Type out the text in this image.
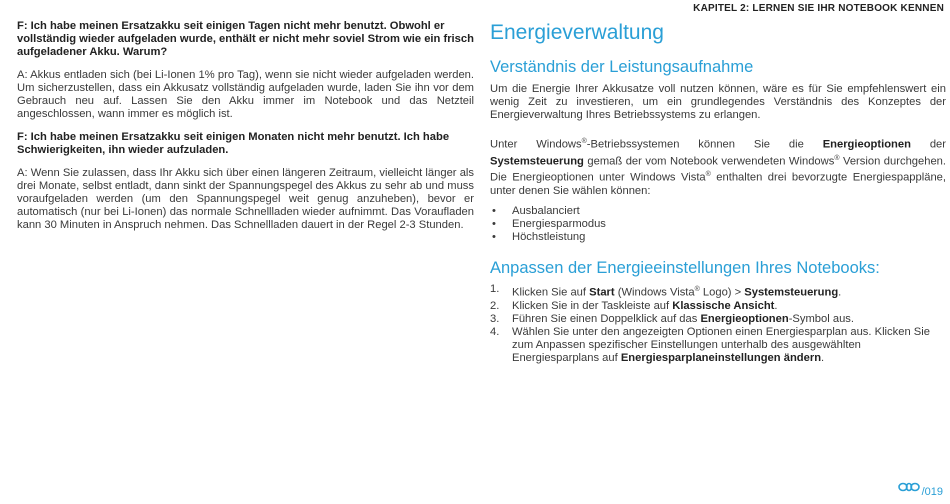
KAPITEL 2: LERNEN SIE IHR NOTEBOOK KENNEN

F: Ich habe meinen Ersatzakku seit einigen Tagen nicht mehr benutzt. Obwohl er vollständig wieder aufgeladen wurde, enthält er nicht mehr soviel Strom wie ein frisch aufgeladener Akku. Warum?

A: Akkus entladen sich (bei Li-Ionen 1% pro Tag), wenn sie nicht wieder aufgeladen werden. Um sicherzustellen, dass ein Akkusatz vollständig aufgeladen wurde, laden Sie ihn vor dem Gebrauch neu auf. Lassen Sie den Akku immer im Notebook und das Netzteil angeschlossen, wann immer es möglich ist.

F: Ich habe meinen Ersatzakku seit einigen Monaten nicht mehr benutzt. Ich habe Schwierigkeiten, ihn wieder aufzuladen.

A: Wenn Sie zulassen, dass Ihr Akku sich über einen längeren Zeitraum, vielleicht länger als drei Monate, selbst entladt, dann sinkt der Spannungspegel des Akkus zu sehr ab und muss voraufgeladen werden (um den Spannungspegel weit genug anzuheben), bevor er automatisch (nur bei Li-Ionen) das normale Schnellladen wieder aufnimmt. Das Voraufladen kann 30 Minuten in Anspruch nehmen. Das Schnellladen dauert in der Regel 2-3 Stunden.

Energieverwaltung
Verständnis der Leistungsaufnahme

Um die Energie Ihrer Akkusatze voll nutzen können, wäre es für Sie empfehlenswert ein wenig Zeit zu investieren, um ein grundlegendes Verständnis des Konzeptes der Energieverwaltung Ihres Betriebssystems zu erlangen.

Unter Windows®-Betriebssystemen können Sie die Energieoptionen der Systemsteuerung gemaß der vom Notebook verwendeten Windows® Version durchgehen. Die Energieoptionen unter Windows Vista® enthalten drei bevorzugte Energiespарpläne, unter denen Sie wählen können:

• Ausbalanciert
• Energiesparmodus
• Höchstleistung
Anpassen der Energieeinstellungen Ihres Notebooks:
1. Klicken Sie auf Start (Windows Vista® Logo) > Systemsteuerung.
2. Klicken Sie in der Taskleiste auf Klassische Ansicht.
3. Führen Sie einen Doppelklick auf das Energieoptionen-Symbol aus.
4. Wählen Sie unter den angezeigten Optionen einen Energiesparplan aus. Klicken Sie zum Anpassen spezifischer Einstellungen unterhalb des ausgewählten Energiesparplans auf Energiesparplaneinstellungen ändern.
/019
